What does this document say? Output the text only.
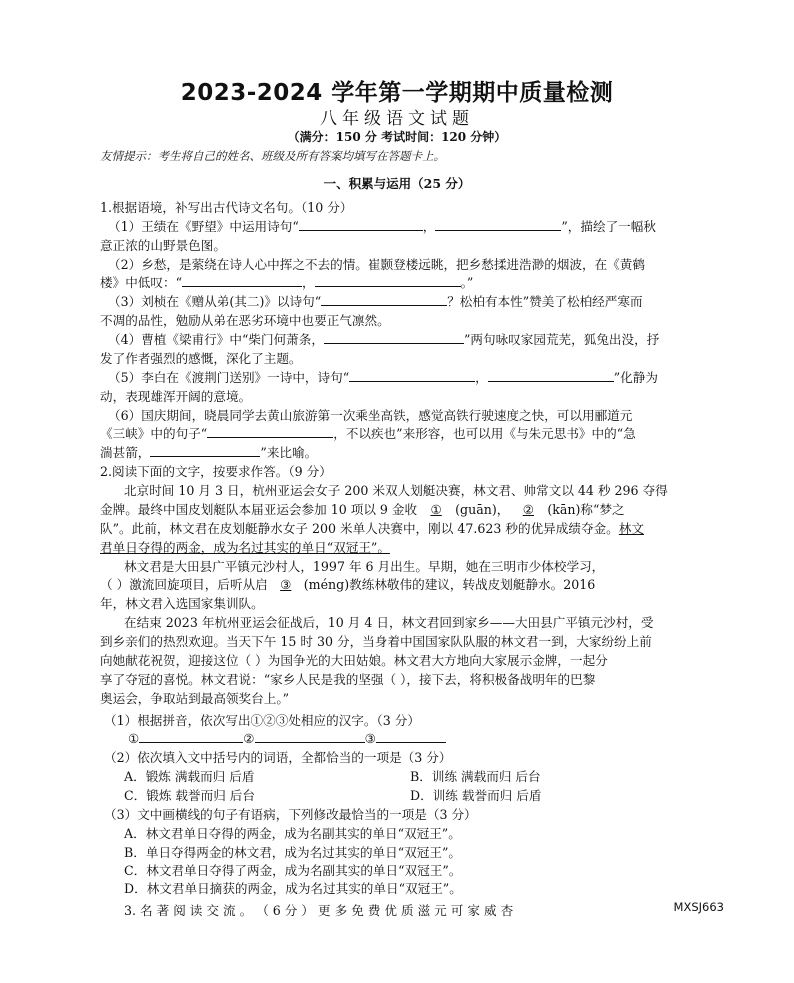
2023-2024 学年第一学期期中质量检测
八年级语文试题
（满分：150 分 考试时间：120 分钟）
友情提示：考生将自己的姓名、班级及所有答案均填写在答题卡上。
一、积累与运用（25 分）
1.根据语境，补写出古代诗文名句。（10 分）
（1）王绩在《野望》中运用诗句“	，	”，描绘了一幅秋
意正浓的山野景色图。
（2）乡愁，是萦绕在诗人心中挥之不去的情。崔颢登楼远眺，把乡愁揉进浩渺的烟波，在《黄鹤
楼》中低叹：“	，	。”
（3）刘桢在《赠从弟(其二)》以诗句“	？松柏有本性”赞美了松柏经严寒而
不凋的品性，勉励从弟在恶劣环境中也要正气凛然。
（4）曹植《梁甫行》中“柴门何萧条，	”两句咏叹家园荒芜，狐兔出没，抒
发了作者强烈的感慨，深化了主题。
（5）李白在《渡荆门送别》一诗中，诗句“	，	”化静为
动，表现雄浑开阔的意境。
（6）国庆期间，晓晨同学去黄山旅游第一次乘坐高铁，感觉高铁行驶速度之快，可以用郦道元
《三峡》中的句子“	，不以疾也”来形容，也可以用《与朱元思书》中的“急
湍甚箭，	”来比喻。
2.阅读下面的文字，按要求作答。（9 分）
北京时间 10 月 3 日，杭州亚运会女子 200 米双人划艇决赛，林文君、帅常文以 44 秒 296 夺得
金牌。最终中国皮划艇队本届亚运会参加 10 项以 9 金收 ① (guān)， ② (kān)称“梦之
队”。此前，林文君在皮划艇静水女子 200 米单人决赛中，刚以 47.623 秒的优异成绩夺金。林文
君单日夺得的两金，成为名过其实的单日“双冠王”。
林文君是大田县广平镇元沙村人，1997 年 6 月出生。早期，她在三明市少体校学习，
（ ）激流回旋项目，后听从启 ③ (méng)教练林敬伟的建议，转战皮划艇静水。2016
年，林文君入选国家集训队。
在结束 2023 年杭州亚运会征战后，10 月 4 日，林文君回到家乡——大田县广平镇元沙村，受
到乡亲们的热烈欢迎。当天下午 15 时 30 分，当身着中国国家队队服的林文君一到，大家纷纷上前
向她献花祝贺，迎接这位（ ）为国争光的大田姑娘。林文君大方地向大家展示金牌，一起分
享了夺冠的喜悦。林文君说：“家乡人民是我的坚强（ ），接下去，将积极备战明年的巴黎
奥运会，争取站到最高领奖台上。”
（1）根据拼音，依次写出①②③处相应的汉字。（3 分）
①	②	③
（2）依次填入文中括号内的词语，全都恰当的一项是（3 分）
A．锻炼 满载而归 后盾	B．训练 满载而归 后台
C．锻炼 载誉而归 后台	D．训练 载誉而归 后盾
（3）文中画横线的句子有语病，下列修改最恰当的一项是（3 分）
A．林文君单日夺得的两金，成为名副其实的单日“双冠王”。
B．单日夺得两金的林文君，成为名过其实的单日“双冠王”。
C．林文君单日夺得了两金，成为名副其实的单日“双冠王”。
D．林文君单日摘获的两金，成为名过其实的单日“双冠王”。
3. 名 著 阅 读 交 流 。 （ 6 分 ） 更 多 免 费 优 质 滋 元 可 家 威 杏	MXSJ663
